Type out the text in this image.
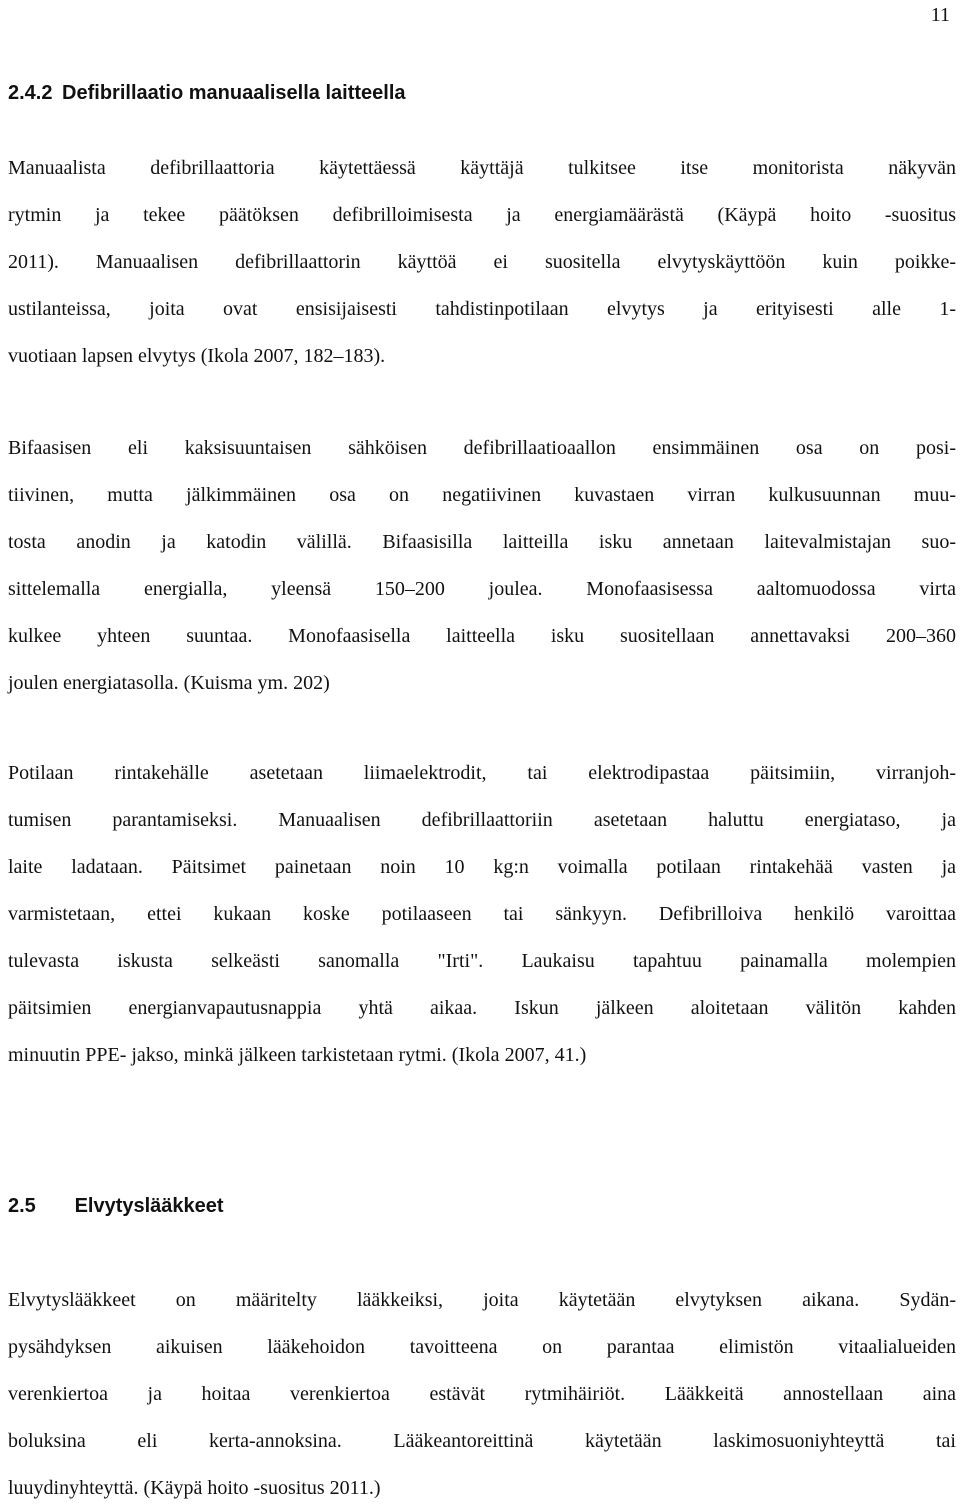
11
2.4.2 Defibrillaatio manuaalisella laitteella
Manuaalista defibrillaattoria käytettäessä käyttäjä tulkitsee itse monitorista näkyvän
rytmin ja tekee päätöksen defibrilloimisesta ja energiamäärästä (Käypä hoito -suositus
2011). Manuaalisen defibrillaattorin käyttöä ei suositella elvytyskäyttöön kuin poikke-
ustilanteissa, joita ovat ensisijaisesti tahdistinpotilaan elvytys ja erityisesti alle 1-
vuotiaan lapsen elvytys (Ikola 2007, 182–183).
Bifaasisen eli kaksisuuntaisen sähköisen defibrillaatioaallon ensimmäinen osa on posi-
tiivinen, mutta jälkimmäinen osa on negatiivinen kuvastaen virran kulkusuunnan muu-
tosta anodin ja katodin välillä. Bifaasisilla laitteilla isku annetaan laitevalmistajan suo-
sittelemalla energialla, yleensä 150–200 joulea. Monofaasisessa aaltomuodossa virta
kulkee yhteen suuntaa. Monofaasisella laitteella isku suositellaan annettavaksi 200–360
joulen energiatasolla. (Kuisma ym. 202)
Potilaan rintakehälle asetetaan liimaelektrodit, tai elektrodipastaa päitsimiin, virranjoh-
tumisen parantamiseksi. Manuaalisen defibrillaattoriin asetetaan haluttu energiataso, ja
laite ladataan. Päitsimet painetaan noin 10 kg:n voimalla potilaan rintakehää vasten ja
varmistetaan, ettei kukaan koske potilaaseen tai sänkyyn. Defibrilloiva henkilö varoittaa
tulevasta iskusta selkeästi sanomalla "Irti". Laukaisu tapahtuu painamalla molempien
päitsimien energianvapautusnappia yhtä aikaa. Iskun jälkeen aloitetaan välitön kahden
minuutin PPE- jakso, minkä jälkeen tarkistetaan rytmi. (Ikola 2007, 41.)
2.5 Elvytyslääkkeet
Elvytyslääkkeet on määritelty lääkkeiksi, joita käytetään elvytyksen aikana. Sydän-
pysähdyksen aikuisen lääkehoidon tavoitteena on parantaa elimistön vitaalialueiden
verenkiertoa ja hoitaa verenkiertoa estävät rytmihäiriöt. Lääkkeitä annostellaan aina
boluksina eli kerta-annoksina. Lääkeantoreittinä käytetään laskimosuoniyhteyttä tai
luuydinyhteyttä. (Käypä hoito -suositus 2011.)
